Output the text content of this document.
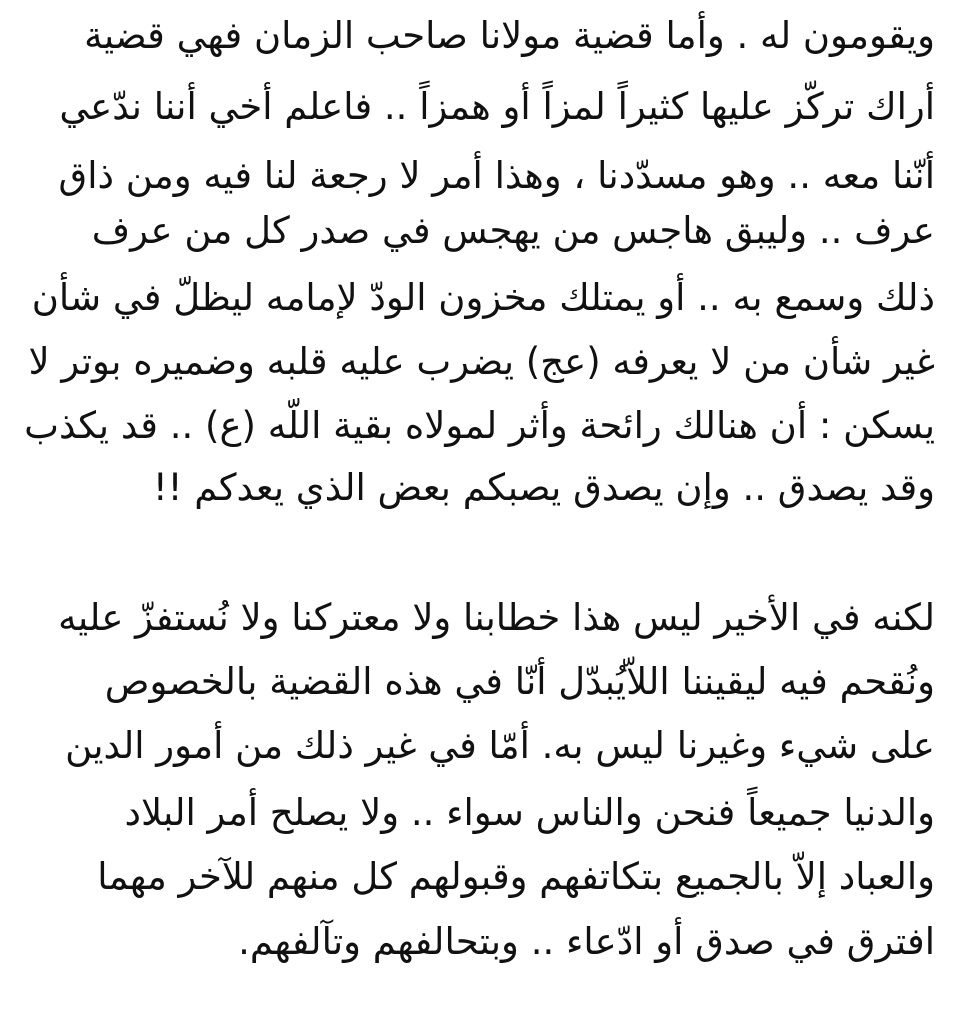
ويقومون له . وأما قضية مولانا صاحب الزمان فهي قضية
أراك تركّز عليها كثيراً لمزاً أو همزاً .. فاعلم أخي أننا ندّعي
أنّنا معه .. وهو مسدّدنا ، وهذا أمر لا رجعة لنا فيه ومن ذاق
عرف .. وليبق هاجس من يهجس في صدر كل من عرف
ذلك وسمع به .. أو يمتلك مخزون الودّ لإمامه ليظلّ في شأن
غير شأن من لا يعرفه (عج) يضرب عليه قلبه وضميره بوتر لا
يسكن : أن هنالك رائحة وأثر لمولاه بقية اللّه (ع) .. قد يكذب
وقد يصدق .. وإن يصدق يصبكم بعض الذي يعدكم !!
لكنه في الأخير ليس هذا خطابنا ولا معتركنا ولا نُستفزّ عليه
ونُقحم فيه ليقيننا اللاّيُبدّل أنّا في هذه القضية بالخصوص
على شيء وغيرنا ليس به. أمّا في غير ذلك من أمور الدين
والدنيا جميعاً فنحن والناس سواء .. ولا يصلح أمر البلاد
والعباد إلاّ بالجميع بتكاتفهم وقبولهم كل منهم للآخر مهما
افترق في صدق أو ادّعاء .. وبتحالفهم وتآلفهم.
